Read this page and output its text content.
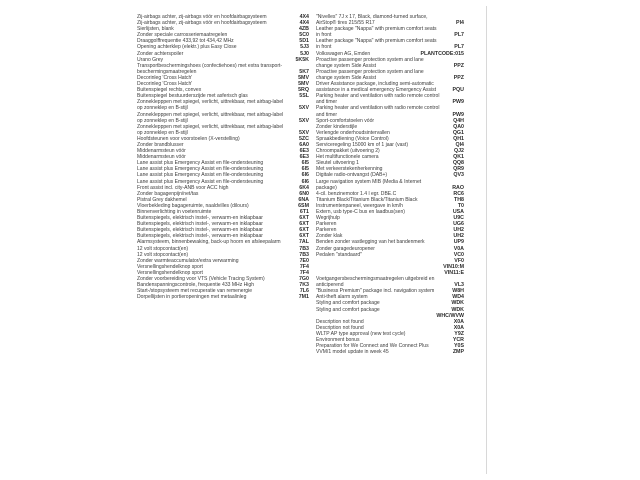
Zij-airbags achter, zij-airbags vóór en hoofdairbagsysteem	4X4
Zij-airbags achter, zij-airbags vóór en hoofdairbagsysteem	4X4
Sierlijsten, blank	4ZB
Zonder speciale carrosseriemaatregelen	5C0
Draaggolffrequentie 433,92 tot 434,42 MHz	5D1
Opening achterklep (elektr.) plus Easy Close	5J3
Zonder achterspoiler	5J0
Urano Grey	5K5K
Transportbeschermingshoes (confectiehoes) met extra transport-beschermingsmaatregelen	5K7
Decorinleg 'Cross Hatch'	5MV
Decorinleg 'Cross Hatch'	5MV
Buitenspiegel rechts, convex	5RQ
Buitenspiegel bestuurderszijde met asferisch glas	5SL
Zonneklepppen met spiegel, verlicht, uittrekbaar, met airbag-label op zonneklep en B-stijl	5XV
Zonneklepppen met spiegel, verlicht, uittrekbaar, met airbag-label op zonneklep en B-stijl	5XV
Zonneklepppen met spiegel, verlicht, uittrekbaar, met airbag-label op zonneklep en B-stijl	5XV
Hoofdsteunen voor voorstoelen (X-verstelling)	5ZC
Zonder brandblusser	6A0
Middenarmsteun vóór	6E3
Middenarmsteun vóór	6E3
Lane assist plus Emergency Assist en file-ondersteuning	6I5
Lane assist plus Emergency Assist en file-ondersteuning	6I5
Lane assist plus Emergency Assist en file-ondersteuning	6I6
Lane assist plus Emergency Assist en file-ondersteuning	6I6
Front assist incl. city-ANB voor ACC high	6K4
Zonder bagagenpijn/net/tas	6N0
Pistral Grey dakhemel	6NA
Vloerbekleding bagageruimte, naaldvilles (dilours)	6SM
Binnenverlichting in voetenruimte	6T1
Buitenspiegels, elektrisch instel-, verwarm-en inklapbaar	6XT
Buitenspiegels, elektrisch instel-, verwarm-en inklapbaar	6XT
Buitenspiegels, elektrisch instel-, verwarm-en inklapbaar	6XT
Buitenspiegels, elektrisch instel-, verwarm-en inklapbaar	6XT
Alarmsysteem, binnenbewaking, back-up hoorn en afsleepalarm	7AL
12 volt stopcontact(en)	7B3
12 volt stopcontact(en)	7B3
Zonder warmteaccumulator/extra verwarming	7E0
Versnellingshendelknop sport	7F4
Versnellingshendelknop sport	7F4
Zonder voorbereiding voor VTS (Vehicle Tracing System)	7G0
Bandenspanningscontrole, frequentie 433 MHz High	7K3
Start-/stopsysteem met recuperatie van remenergie	7L6
Dorpellijsten in portieropeningen met metaalinleg	7M1
"Nivelles" 7J x 17, Black, diamond-turned surface, AirStop® tires 215/55 R17	PI4
Leather package "Nappa" with premium comfort seats in front	PL7
Leather package "Nappa" with premium comfort seats in front	PL7
Volkswagen AG, Emden	PLANTCODE:015
Proactive passenger protection system and lane change system Side Assist	PPZ
Proactive passenger protection system and lane change system Side Assist	PPZ
Driver Assistance package, including semi-automatic assistance in a medical emergency Emergency Assist	PQU
Parking heater and ventilation with radio remote control and timer	PW9
Parking heater and ventilation with radio remote control and timer	PW9
Sport-comfortstoelen vóór	Q4H
Zonder kinderstijle	QA0
Verlengde onderhoudsintervallen	QG1
Spraakbediening (Voice Control)	QH1
Serviceregeling 15000 km of 1 jaar (vast)	QI4
Chroompakket (uitvoering 2)	QJ2
Het multifunctionele camera	QK1
Sleutel uitvoering 1	QQ8
Met verkeerstekenherkenning	QR9
Digitale radio-ontvangst (DAB+)	QV3
Large navigation system MIB (Media & Internet package)	RAO
4-cil. benzinemotor 1.4 l egr. DBE.C	RC6
Titanium Black/Titanium Black/Titanium Black	TH8
Instrumentenpaneel, weergave in km/h	T0
Extern, usb type-C bus en laadbus(sen)	USA
Wegrijhulp	U9C
Parkeren	UG6
Parkeren	UH2
Zonder klak	UH2
Benden zonder vastlegging van het bandenmerk	UP9
Zonder garagedeuropener	V0A
Pedalen "standaard"	VC0

VF0

VIN10:M

VIN11:E
Voetgangersbeschermingsmaatregelen uitgebreid en anticiperend	VL3
"Business Premium" package incl. navigation system	W8H
Anti-theft alarm system	WD4
Styling and comfort package	WDK
Styling and comfort package	WDK

WHC/WVW
Description not found	X0A
Description not found	X0A
WLTP AP type approval (new test cycle)	Y9Z
Environment bonus	YCR
Preparation for We Connect and We Connect Plus	Y0S
VVM/1 model update in week 45	ZMP
